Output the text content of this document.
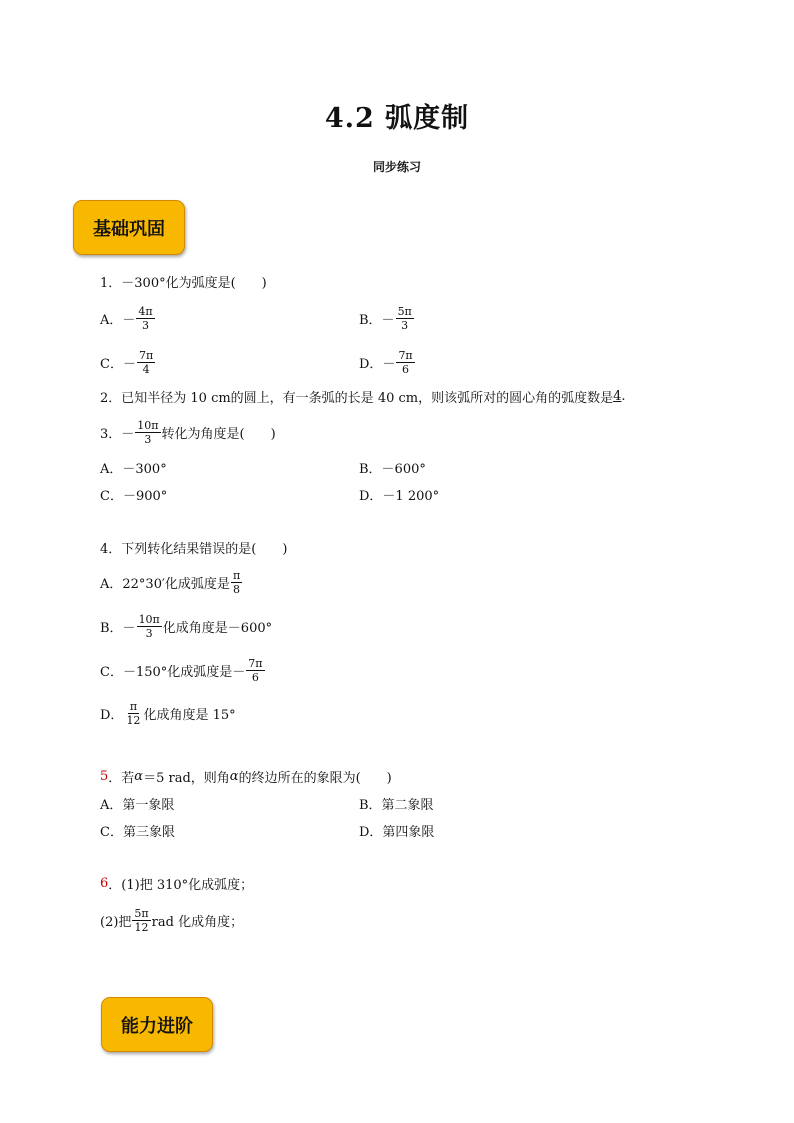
4.2 弧度制
同步练习
基础巩固
1．－300°化为弧度是(　　)
A．－ $\frac{4\pi}{3}$	B．－ $\frac{5\pi}{3}$
C．－ $\frac{7\pi}{4}$	D．－ $\frac{7\pi}{6}$
2．已知半径为 10 cm的圆上，有一条弧的长是 40 cm，则该弧所对的圆心角的弧度数是 4 .
3．－ $\frac{10\pi}{3}$ 转化为角度是(　　)
A．－300°	B．－600°
C．－900°	D．－1 200°
4．下列转化结果错误的是(　　)
A．22°30′化成弧度是 $\frac{\pi}{8}$
B．－ $\frac{10\pi}{3}$ 化成角度是－600°
C．－150°化成弧度是－ $\frac{7\pi}{6}$
D． $\frac{\pi}{12}$ 化成角度是 15°
5 ．若 α ＝5 rad，则角 α 的终边所在的象限为(　　)
A．第一象限	B．第二象限
C．第三象限	D．第四象限
6 ．(1)把 310°化成弧度；
(2)把 $\frac{5\pi}{12}$ rad 化成角度；
能力进阶
